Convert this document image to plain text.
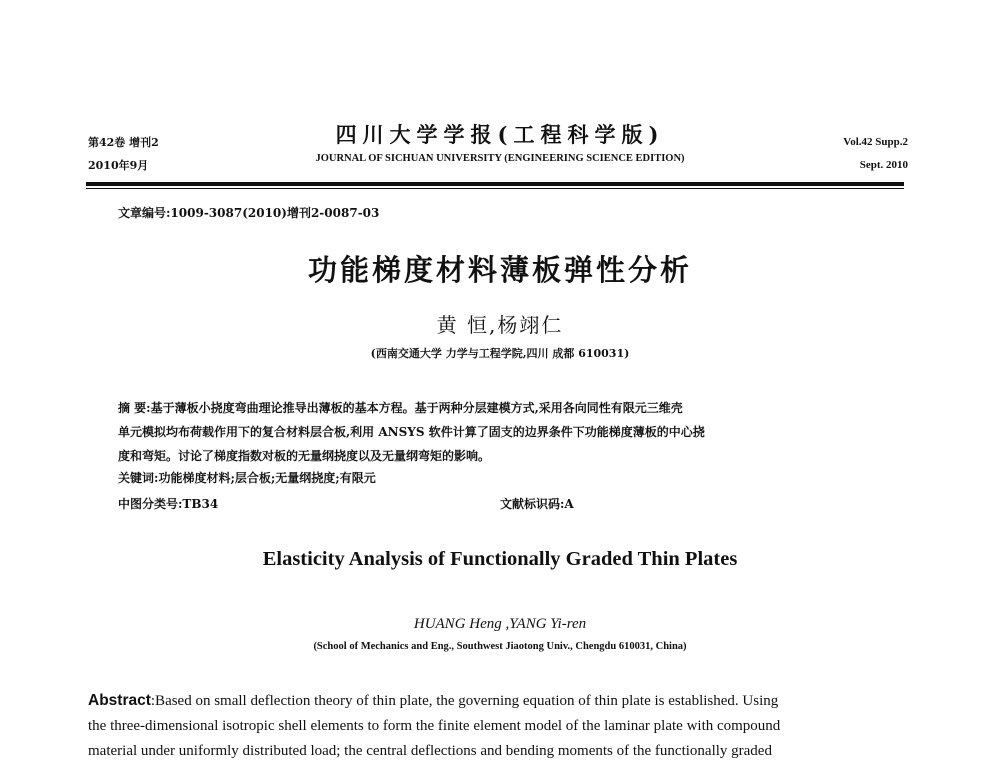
第42卷 增刊2
2010年9月
四川大学学报(工程科学版)
JOURNAL OF SICHUAN UNIVERSITY (ENGINEERING SCIENCE EDITION)
Vol.42 Supp.2
Sept. 2010
文章编号:1009-3087(2010)增刊2-0087-03
功能梯度材料薄板弹性分析
黄 恒,杨翊仁
(西南交通大学 力学与工程学院,四川 成都 610031)

摘 要:基于薄板小挠度弯曲理论推导出薄板的基本方程。基于两种分层建模方式,采用各向同性有限元三维壳

单元模拟均布荷载作用下的复合材料层合板,利用 ANSYS 软件计算了固支的边界条件下功能梯度薄板的中心挠

度和弯矩。讨论了梯度指数对板的无量纲挠度以及无量纲弯矩的影响。

关键词:功能梯度材料;层合板;无量纲挠度;有限元
中图分类号:TB34	文献标识码:A
Elasticity Analysis of Functionally Graded Thin Plates
HUANG Heng ,YANG Yi-ren
(School of Mechanics and Eng., Southwest Jiaotong Univ., Chengdu 610031, China)

Abstract:Based on small deflection theory of thin plate, the governing equation of thin plate is established. Using

the three-dimensional isotropic shell elements to form the finite element model of the laminar plate with compound

material under uniformly distributed load; the central deflections and bending moments of the functionally graded
